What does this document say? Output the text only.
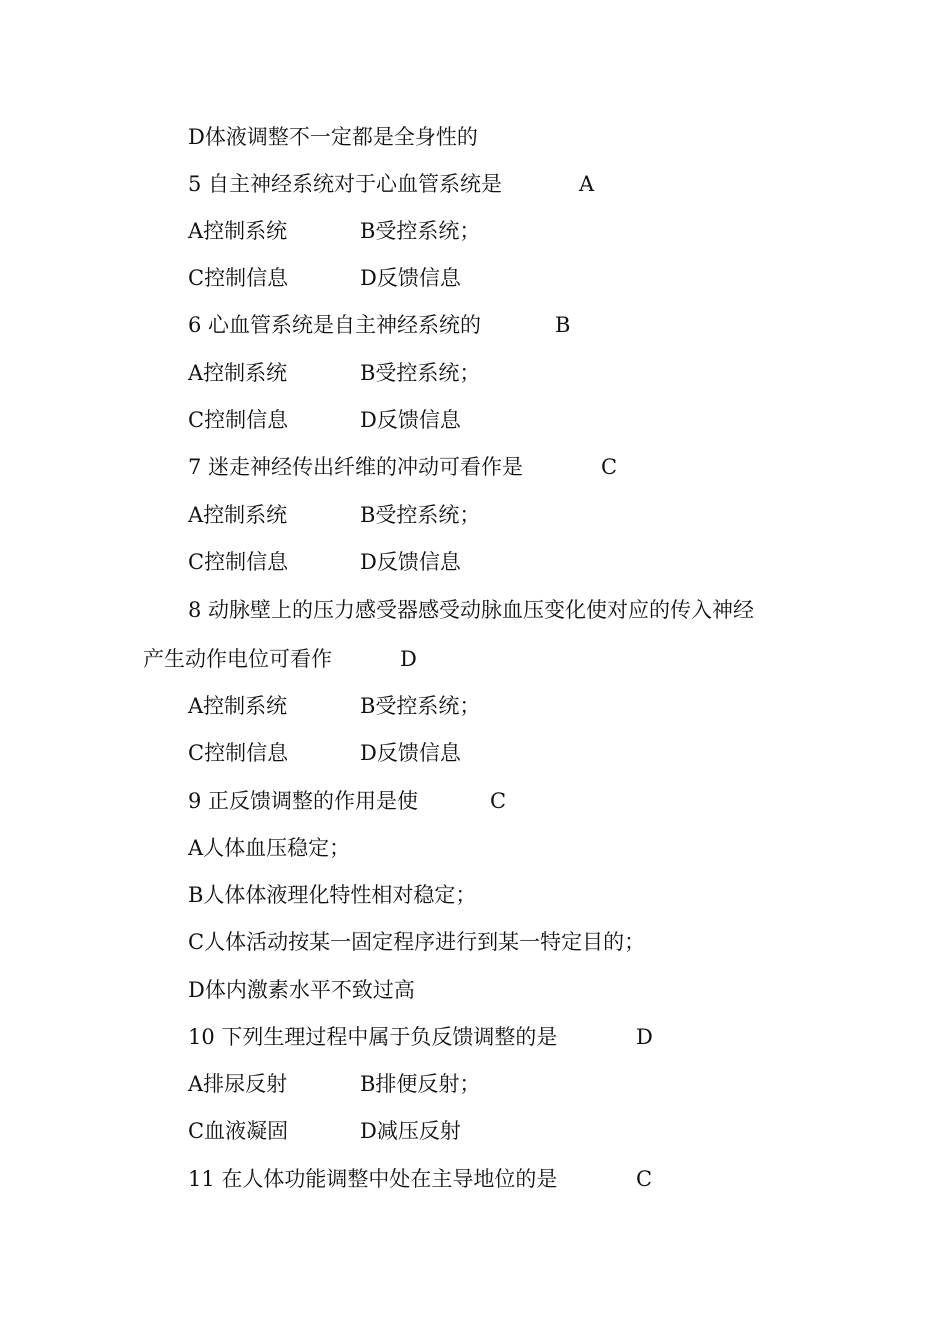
D体液调整不一定都是全身性的
5 自主神经系统对于心血管系统是	A
A控制系统	B受控系统；
C控制信息	D反馈信息
6 心血管系统是自主神经系统的	B
A控制系统	B受控系统；
C控制信息	D反馈信息
7 迷走神经传出纤维的冲动可看作是	C
A控制系统	B受控系统；
C控制信息	D反馈信息
8 动脉壁上的压力感受器感受动脉血压变化使对应的传入神经
产生动作电位可看作	D
A控制系统	B受控系统；
C控制信息	D反馈信息
9 正反馈调整的作用是使	C
A人体血压稳定；
B人体体液理化特性相对稳定；
C人体活动按某一固定程序进行到某一特定目的；
D体内激素水平不致过高
10 下列生理过程中属于负反馈调整的是	D
A排尿反射	B排便反射；
C血液凝固	D减压反射
11 在人体功能调整中处在主导地位的是	C
